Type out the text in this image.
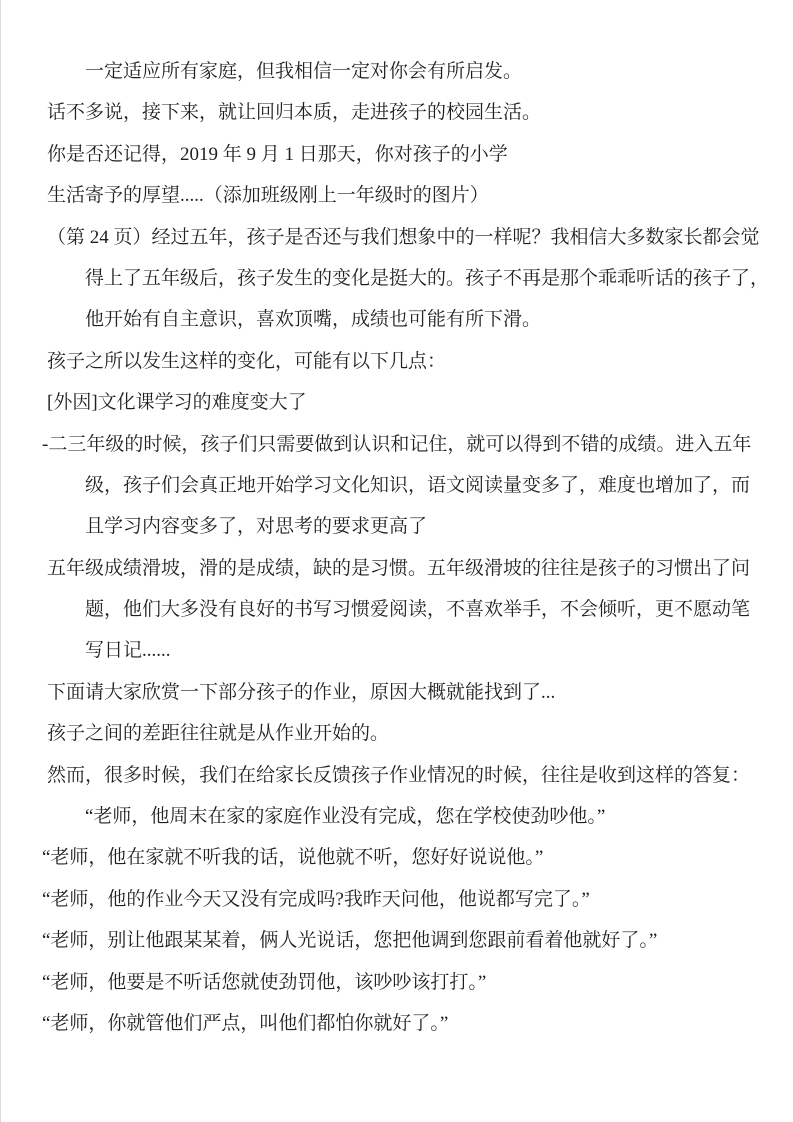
一定适应所有家庭，但我相信一定对你会有所启发。
话不多说，接下来，就让回归本质，走进孩子的校园生活。
你是否还记得，2019 年 9 月 1 日那天，你对孩子的小学
生活寄予的厚望.....（添加班级刚上一年级时的图片）
（第 24 页）经过五年，孩子是否还与我们想象中的一样呢？我相信大多数家长都会觉
得上了五年级后，孩子发生的变化是挺大的。孩子不再是那个乖乖听话的孩子了，
他开始有自主意识，喜欢顶嘴，成绩也可能有所下滑。
孩子之所以发生这样的变化，可能有以下几点：
[外因]文化课学习的难度变大了
-二三年级的时候，孩子们只需要做到认识和记住，就可以得到不错的成绩。进入五年
级，孩子们会真正地开始学习文化知识，语文阅读量变多了，难度也增加了，而
且学习内容变多了，对思考的要求更高了
五年级成绩滑坡，滑的是成绩，缺的是习惯。五年级滑坡的往往是孩子的习惯出了问
题，他们大多没有良好的书写习惯爱阅读，不喜欢举手，不会倾听，更不愿动笔
写日记......
下面请大家欣赏一下部分孩子的作业，原因大概就能找到了...
孩子之间的差距往往就是从作业开始的。
然而，很多时候，我们在给家长反馈孩子作业情况的时候，往往是收到这样的答复：
“老师，他周末在家的家庭作业没有完成，您在学校使劲吵他。”
“老师，他在家就不听我的话，说他就不听，您好好说说他。”
“老师，他的作业今天又没有完成吗?我昨天问他，他说都写完了。”
“老师，别让他跟某某着，俩人光说话，您把他调到您跟前看着他就好了。”
“老师，他要是不听话您就使劲罚他，该吵吵该打打。”
“老师，你就管他们严点，叫他们都怕你就好了。”
